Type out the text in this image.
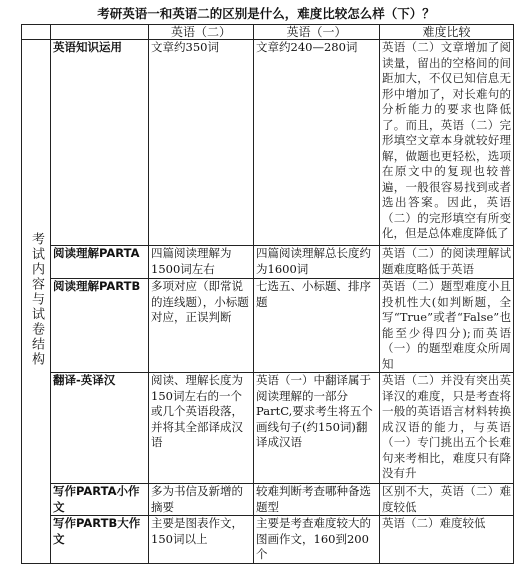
考研英语一和英语二的区别是什么，难度比较怎么样（下）？
		英语（二）	英语（一）	难度比较
考试内容与试卷结构	英语知识运用	文章约350词	文章约240—280词	英语（二）文章增加了阅读量，留出的空格间的间距加大，不仅已知信息无形中增加了，对长难句的分析能力的要求也降低了。而且，英语（二）完形填空文章本身就较好理解，做题也更轻松，选项在原文中的复现也较普遍，一般很容易找到或者选出答案。因此，英语（二）的完形填空有所变化，但是总体难度降低了
	阅读理解PARTA	四篇阅读理解为1500词左右	四篇阅读理解总长度约为1600词	英语（二）的阅读理解试题难度略低于英语
	阅读理解PARTB	多项对应（即常说的连线题），小标题对应，正误判断	七选五、小标题、排序题	英语（二）题型难度小且投机性大(如判断题，全写“True”或者“False”也能至少得四分);而英语（一）的题型难度众所周知
	翻译-英译汉	阅读、理解长度为150词左右的一个或几个英语段落，并将其全部译成汉语	英语（一）中翻译属于阅读理解的一部分PartC,要求考生将五个画线句子(约150词)翻译成汉语	英语（二）并没有突出英译汉的难度，只是考查将一般的英语语言材料转换成汉语的能力，与英语（一）专门挑出五个长难句来考相比，难度只有降没有升
	写作PARTA小作文	多为书信及新增的摘要	较难判断考查哪种备选题型	区别不大，英语（二）难度较低
	写作PARTB大作文	主要是图表作文，150词以上	主要是考查难度较大的图画作文，160到200个	英语（二）难度较低
